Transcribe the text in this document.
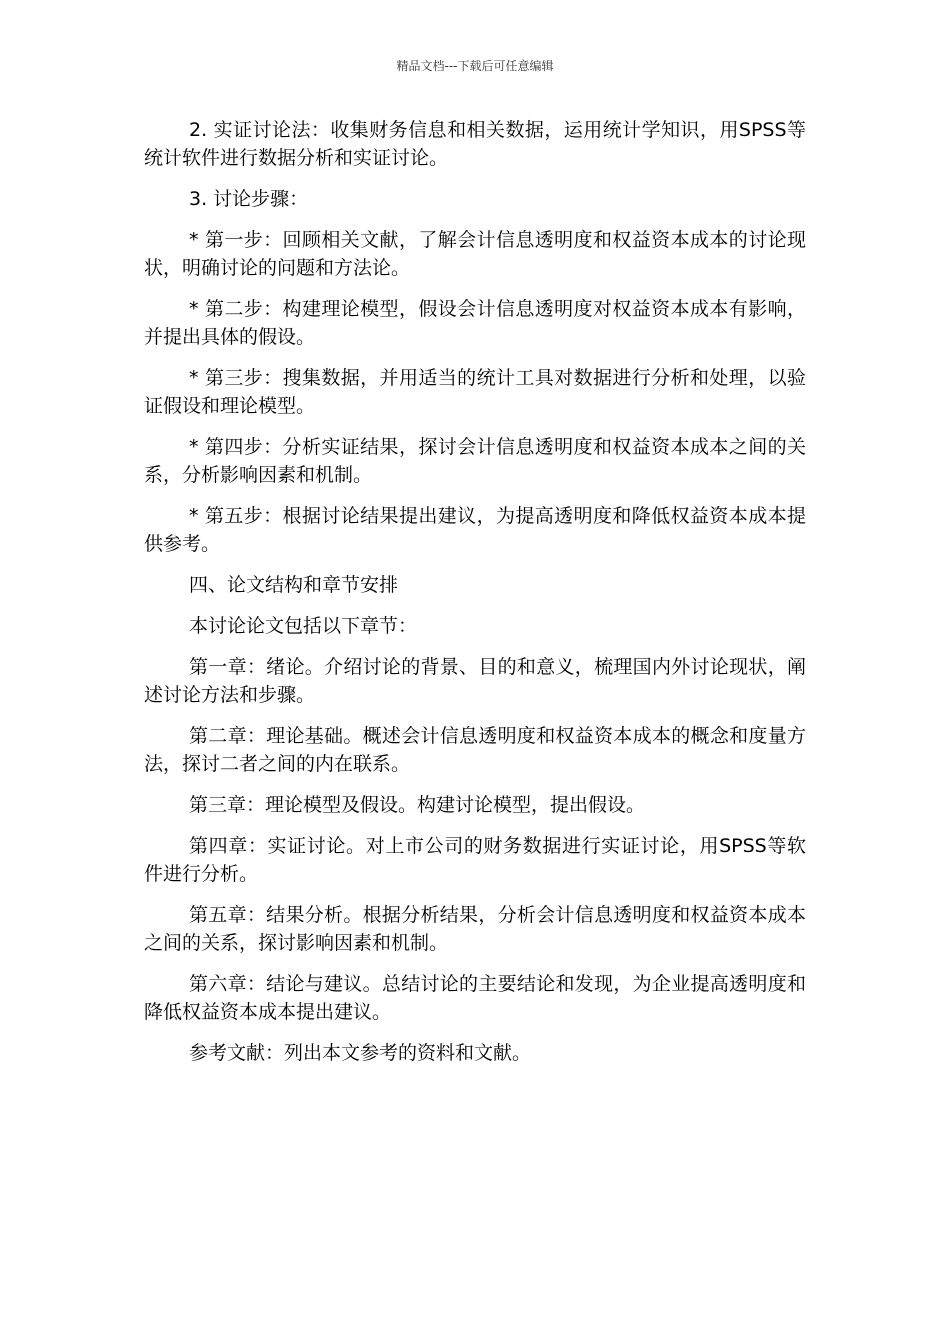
精品文档---下载后可任意编辑

2. 实证讨论法：收集财务信息和相关数据，运用统计学知识，用SPSS等统计软件进行数据分析和实证讨论。

3. 讨论步骤：

* 第一步：回顾相关文献，了解会计信息透明度和权益资本成本的讨论现状，明确讨论的问题和方法论。

* 第二步：构建理论模型，假设会计信息透明度对权益资本成本有影响，并提出具体的假设。

* 第三步：搜集数据，并用适当的统计工具对数据进行分析和处理，以验证假设和理论模型。

* 第四步：分析实证结果，探讨会计信息透明度和权益资本成本之间的关系，分析影响因素和机制。

* 第五步：根据讨论结果提出建议，为提高透明度和降低权益资本成本提供参考。

四、论文结构和章节安排

本讨论论文包括以下章节：

第一章：绪论。介绍讨论的背景、目的和意义，梳理国内外讨论现状，阐述讨论方法和步骤。

第二章：理论基础。概述会计信息透明度和权益资本成本的概念和度量方法，探讨二者之间的内在联系。

第三章：理论模型及假设。构建讨论模型，提出假设。

第四章：实证讨论。对上市公司的财务数据进行实证讨论，用SPSS等软件进行分析。

第五章：结果分析。根据分析结果，分析会计信息透明度和权益资本成本之间的关系，探讨影响因素和机制。

第六章：结论与建议。总结讨论的主要结论和发现，为企业提高透明度和降低权益资本成本提出建议。

参考文献：列出本文参考的资料和文献。
